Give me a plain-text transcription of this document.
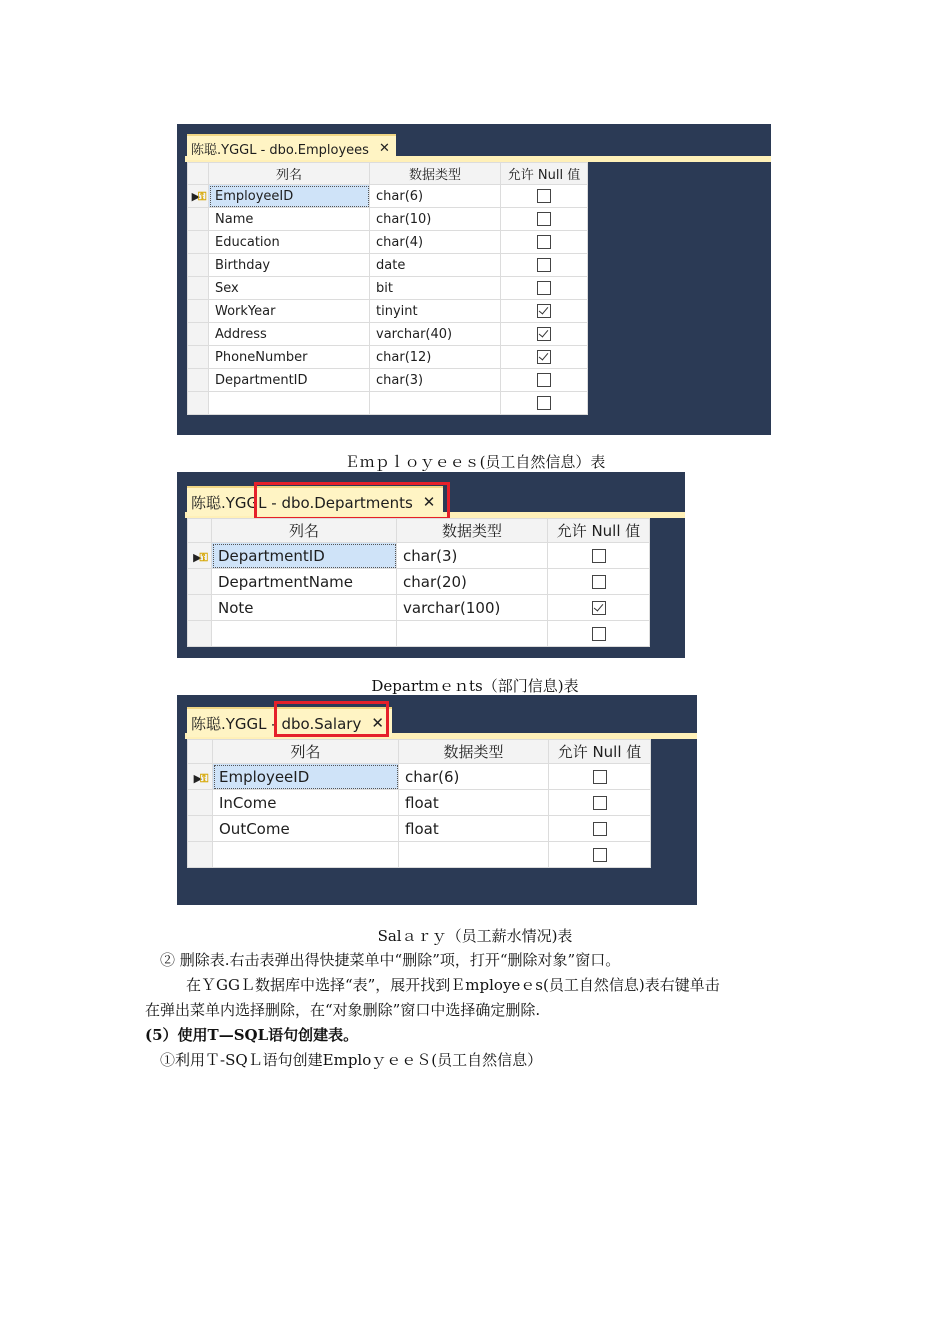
陈聪.YGGL - dbo.Employees ✕
	列名	数据类型	允许 Null 值
▶⚿	EmployeeID	char(6)	
	Name	char(10)	
	Education	char(4)	
	Birthday	date	
	Sex	bit	
	WorkYear	tinyint	
	Address	varchar(40)	
	PhoneNumber	char(12)	
	DepartmentID	char(3)	

Ｅｍｐｌｏｙｅｅｓ(员工自然信息）表
陈聪.YGGL - dbo.Departments ✕
	列名	数据类型	允许 Null 值
▶⚿	DepartmentID	char(3)	
	DepartmentName	char(20)	
	Note	varchar(100)	

Departｍｅｎts（部门信息)表
陈聪.YGGL - dbo.Salary ✕
	列名	数据类型	允许 Null 值
▶⚿	EmployeeID	char(6)	
	InCome	float	
	OutCome	float	

Salａｒｙ（员工薪水情况)表
② 删除表.右击表弹出得快捷菜单中“删除”项，打开“删除对象”窗口。
在ＹGGＬ数据库中选择“表”，展开找到Ｅmployeｅs(员工自然信息)表右键单击
在弹出菜单内选择删除，在“对象删除”窗口中选择确定删除.
(5）使用T—SQL语句创建表。
①利用Ｔ-SQＬ语句创建EmploｙｅｅＳ(员工自然信息）
